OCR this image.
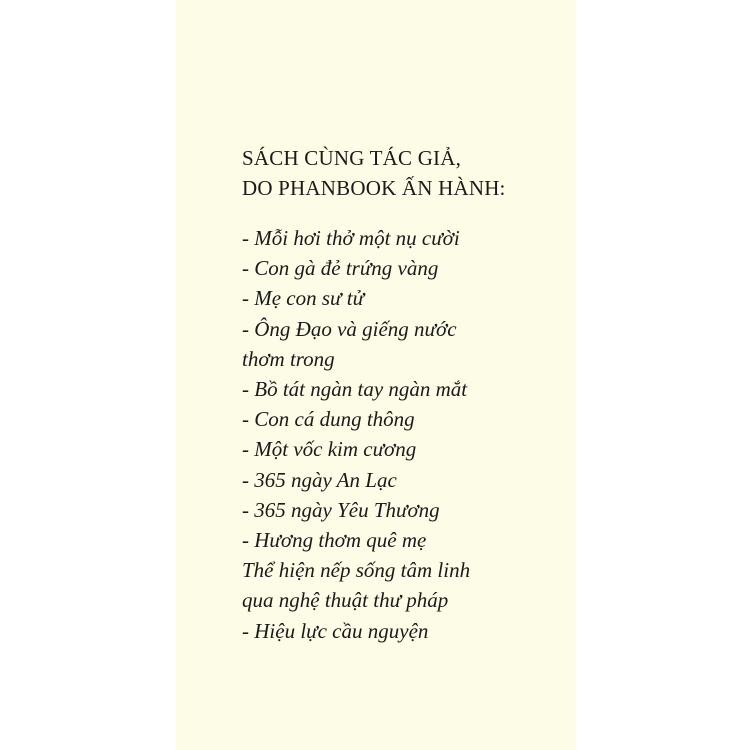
SÁCH CÙNG TÁC GIẢ,
DO PHANBOOK ẤN HÀNH:
- Mỗi hơi thở một nụ cười
- Con gà đẻ trứng vàng
- Mẹ con sư tử
- Ông Đạo và giếng nước
thơm trong
- Bồ tát ngàn tay ngàn mắt
- Con cá dung thông
- Một vốc kim cương
- 365 ngày An Lạc
- 365 ngày Yêu Thương
- Hương thơm quê mẹ
Thể hiện nếp sống tâm linh
qua nghệ thuật thư pháp
- Hiệu lực cầu nguyện
